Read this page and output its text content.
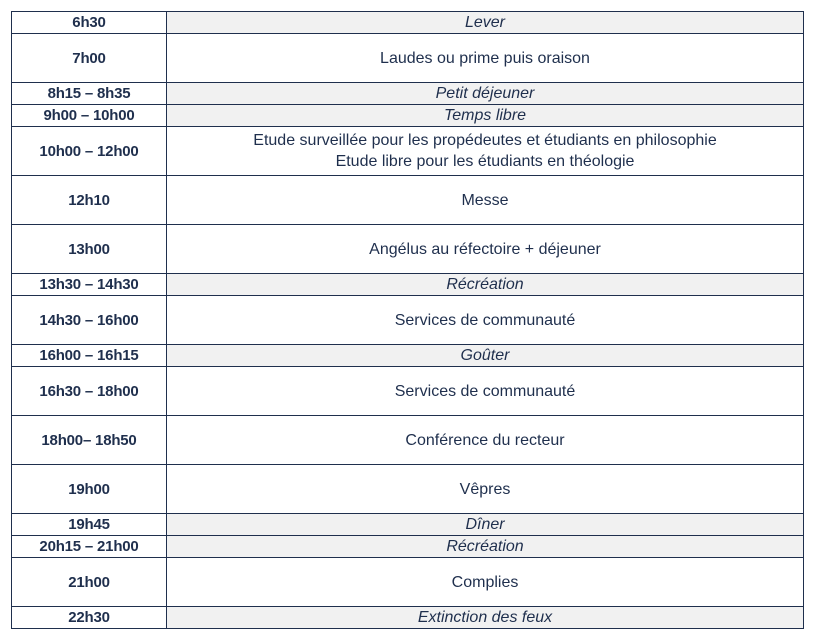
6h30	Lever

7h00	Laudes ou prime puis oraison

8h15 – 8h35	Petit déjeuner

9h00 – 10h00	Temps libre

10h00 – 12h00	Etude surveillée pour les propédeutes et étudiants en philosophie
Etude libre pour les étudiants en théologie

12h10	Messe

13h00	Angélus au réfectoire + déjeuner

13h30 – 14h30	Récréation

14h30 – 16h00	Services de communauté

16h00 – 16h15	Goûter

16h30 – 18h00	Services de communauté

18h00– 18h50	Conférence du recteur

19h00	Vêpres

19h45	Dîner

20h15 – 21h00	Récréation

21h00	Complies

22h30	Extinction des feux
